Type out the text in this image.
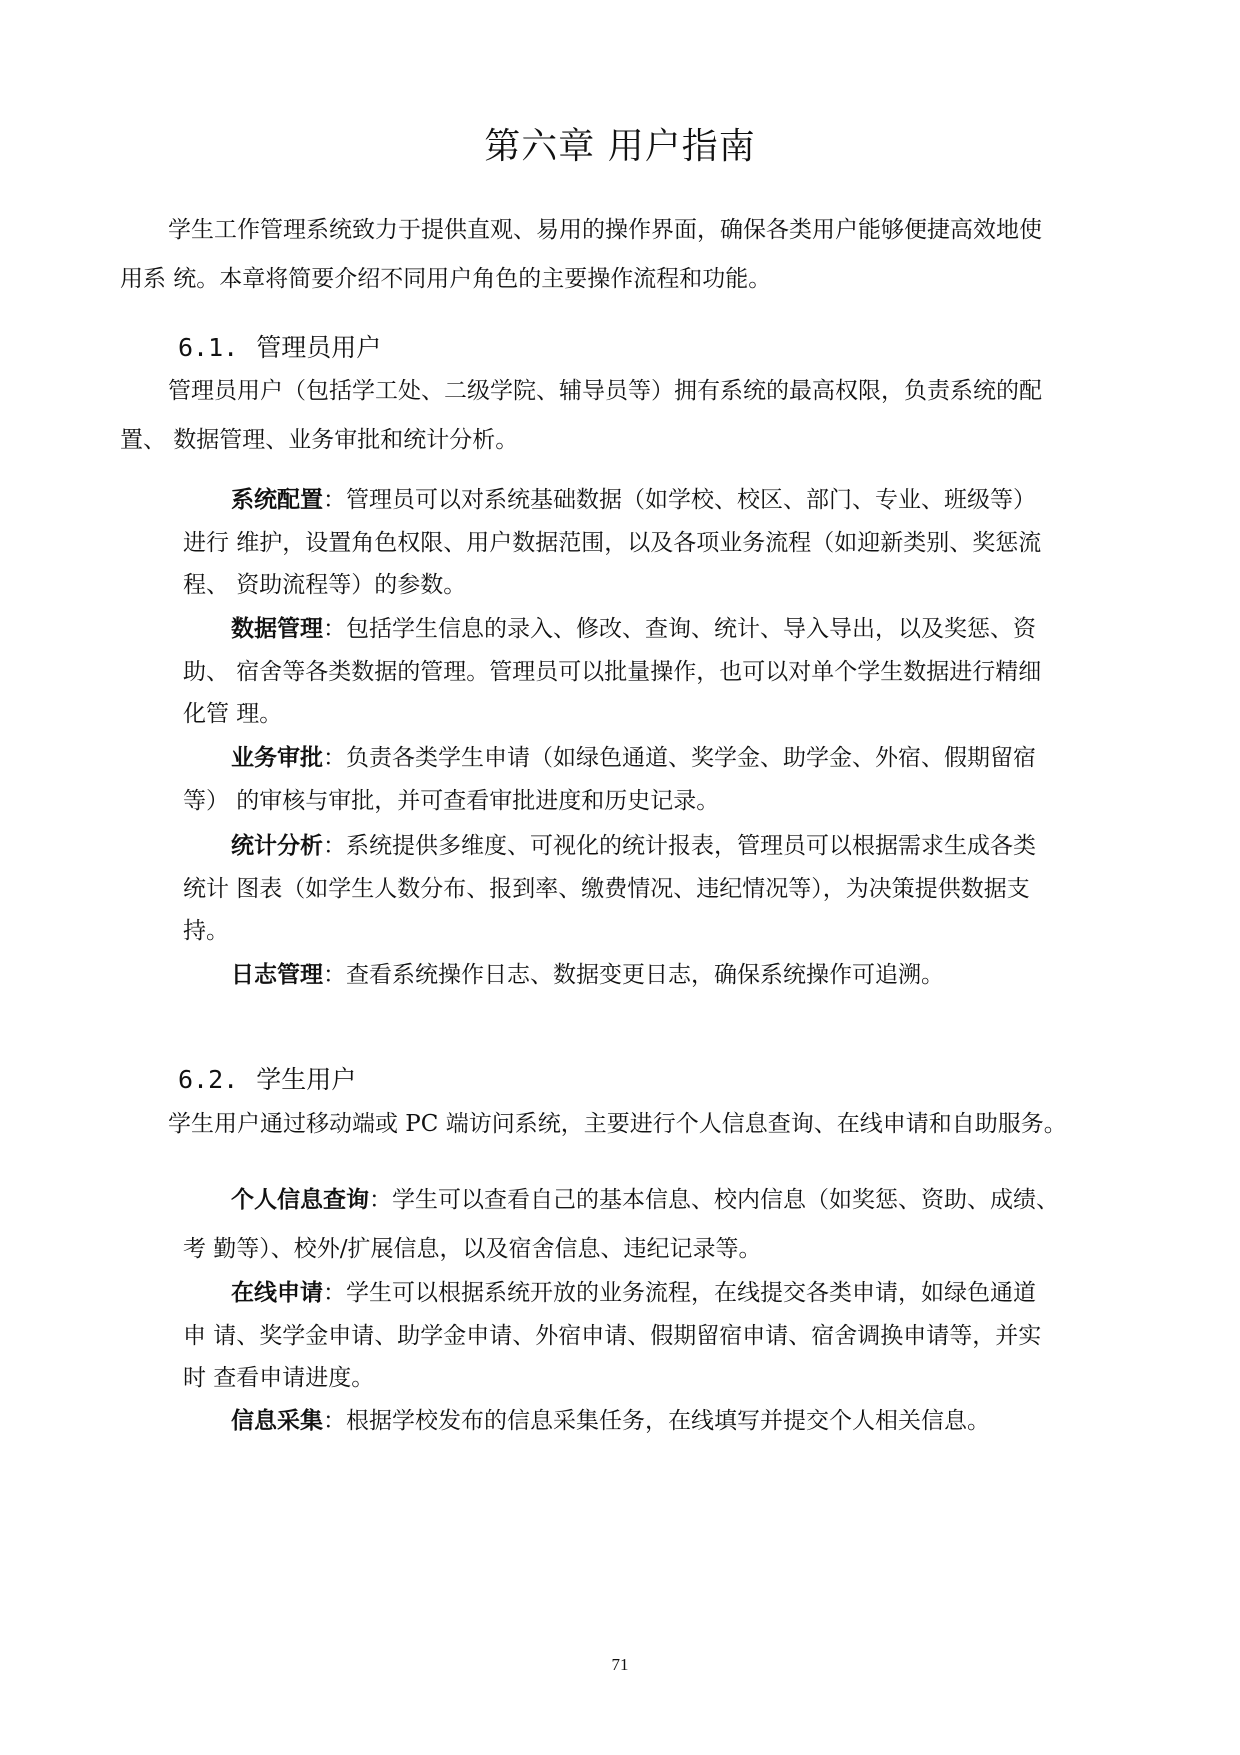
第六章 用户指南

学生工作管理系统致力于提供直观、易用的操作界面，确保各类用户能够便捷高效地使
用系 统。本章将简要介绍不同用户角色的主要操作流程和功能。

6.1. 管理员用户

管理员用户（包括学工处、二级学院、辅导员等）拥有系统的最高权限，负责系统的配
置、 数据管理、业务审批和统计分析。

系统配置：管理员可以对系统基础数据（如学校、校区、部门、专业、班级等）
进行 维护，设置角色权限、用户数据范围，以及各项业务流程（如迎新类别、奖惩流
程、 资助流程等）的参数。

数据管理：包括学生信息的录入、修改、查询、统计、导入导出，以及奖惩、资
助、 宿舍等各类数据的管理。管理员可以批量操作，也可以对单个学生数据进行精细
化管 理。

业务审批：负责各类学生申请（如绿色通道、奖学金、助学金、外宿、假期留宿
等） 的审核与审批，并可查看审批进度和历史记录。

统计分析：系统提供多维度、可视化的统计报表，管理员可以根据需求生成各类
统计 图表（如学生人数分布、报到率、缴费情况、违纪情况等），为决策提供数据支
持。

日志管理：查看系统操作日志、数据变更日志，确保系统操作可追溯。

6.2. 学生用户

学生用户通过移动端或 PC 端访问系统，主要进行个人信息查询、在线申请和自助服务。

个人信息查询：学生可以查看自己的基本信息、校内信息（如奖惩、资助、成绩、
考 勤等）、校外/扩展信息，以及宿舍信息、违纪记录等。

在线申请：学生可以根据系统开放的业务流程，在线提交各类申请，如绿色通道
申 请、奖学金申请、助学金申请、外宿申请、假期留宿申请、宿舍调换申请等，并实
时 查看申请进度。

信息采集：根据学校发布的信息采集任务，在线填写并提交个人相关信息。

71
